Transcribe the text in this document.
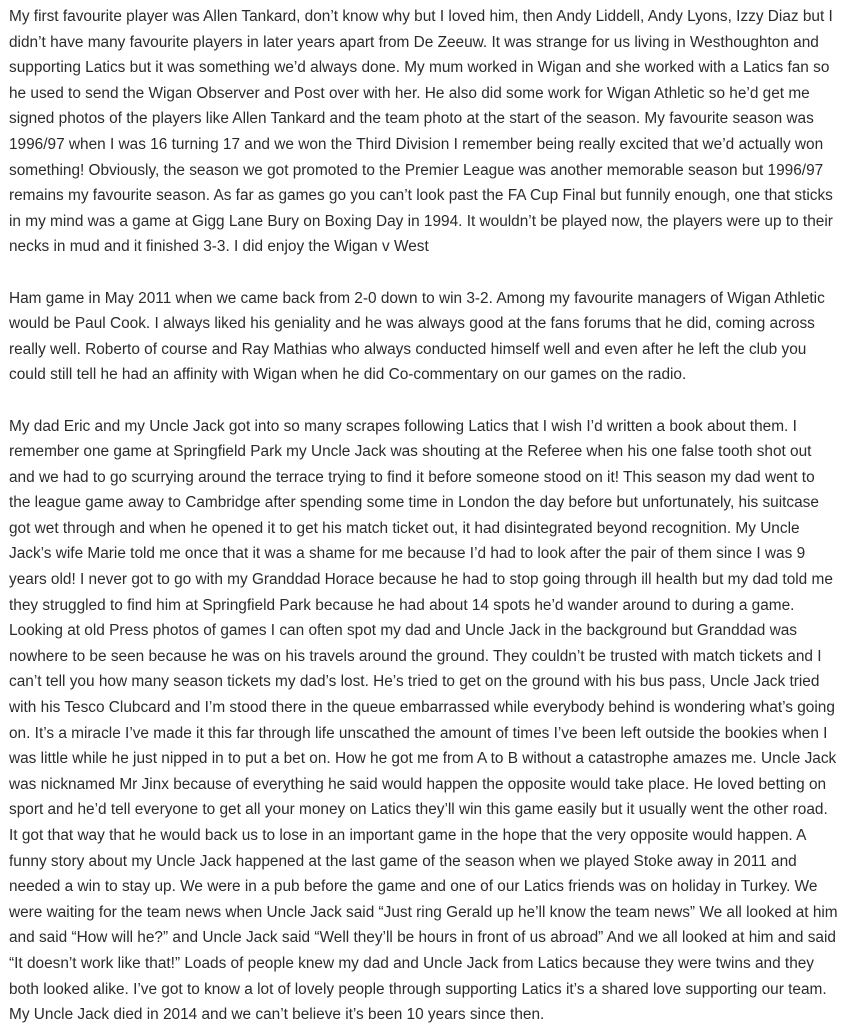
My first favourite player was Allen Tankard, don’t know why but I loved him, then Andy Liddell, Andy Lyons, Izzy Diaz but I didn’t have many favourite players in later years apart from De Zeeuw. It was strange for us living in Westhoughton and supporting Latics but it was something we’d always done. My mum worked in Wigan and she worked with a Latics fan so he used to send the Wigan Observer and Post over with her. He also did some work for Wigan Athletic so he’d get me signed photos of the players like Allen Tankard and the team photo at the start of the season. My favourite season was 1996/97 when I was 16 turning 17 and we won the Third Division I remember being really excited that we’d actually won something! Obviously, the season we got promoted to the Premier League was another memorable season but 1996/97 remains my favourite season. As far as games go you can’t look past the FA Cup Final but funnily enough, one that sticks in my mind was a game at Gigg Lane Bury on Boxing Day in 1994. It wouldn’t be played now, the players were up to their necks in mud and it finished 3-3. I did enjoy the Wigan v West

Ham game in May 2011 when we came back from 2-0 down to win 3-2. Among my favourite managers of Wigan Athletic would be Paul Cook. I always liked his geniality and he was always good at the fans forums that he did, coming across really well. Roberto of course and Ray Mathias who always conducted himself well and even after he left the club you could still tell he had an affinity with Wigan when he did Co-commentary on our games on the radio.

My dad Eric and my Uncle Jack got into so many scrapes following Latics that I wish I’d written a book about them. I remember one game at Springfield Park my Uncle Jack was shouting at the Referee when his one false tooth shot out and we had to go scurrying around the terrace trying to find it before someone stood on it! This season my dad went to the league game away to Cambridge after spending some time in London the day before but unfortunately, his suitcase got wet through and when he opened it to get his match ticket out, it had disintegrated beyond recognition. My Uncle Jack’s wife Marie told me once that it was a shame for me because I’d had to look after the pair of them since I was 9 years old! I never got to go with my Granddad Horace because he had to stop going through ill health but my dad told me they struggled to find him at Springfield Park because he had about 14 spots he’d wander around to during a game. Looking at old Press photos of games I can often spot my dad and Uncle Jack in the background but Granddad was nowhere to be seen because he was on his travels around the ground. They couldn’t be trusted with match tickets and I can’t tell you how many season tickets my dad’s lost. He’s tried to get on the ground with his bus pass, Uncle Jack tried with his Tesco Clubcard and I’m stood there in the queue embarrassed while everybody behind is wondering what’s going on. It’s a miracle I’ve made it this far through life unscathed the amount of times I’ve been left outside the bookies when I was little while he just nipped in to put a bet on. How he got me from A to B without a catastrophe amazes me. Uncle Jack was nicknamed Mr Jinx because of everything he said would happen the opposite would take place. He loved betting on sport and he’d tell everyone to get all your money on Latics they’ll win this game easily but it usually went the other road. It got that way that he would back us to lose in an important game in the hope that the very opposite would happen. A funny story about my Uncle Jack happened at the last game of the season when we played Stoke away in 2011 and needed a win to stay up. We were in a pub before the game and one of our Latics friends was on holiday in Turkey. We were waiting for the team news when Uncle Jack said “Just ring Gerald up he’ll know the team news” We all looked at him and said “How will he?” and Uncle Jack said “Well they’ll be hours in front of us abroad” And we all looked at him and said “It doesn’t work like that!” Loads of people knew my dad and Uncle Jack from Latics because they were twins and they both looked alike. I’ve got to know a lot of lovely people through supporting Latics it’s a shared love supporting our team. My Uncle Jack died in 2014 and we can’t believe it’s been 10 years since then.
